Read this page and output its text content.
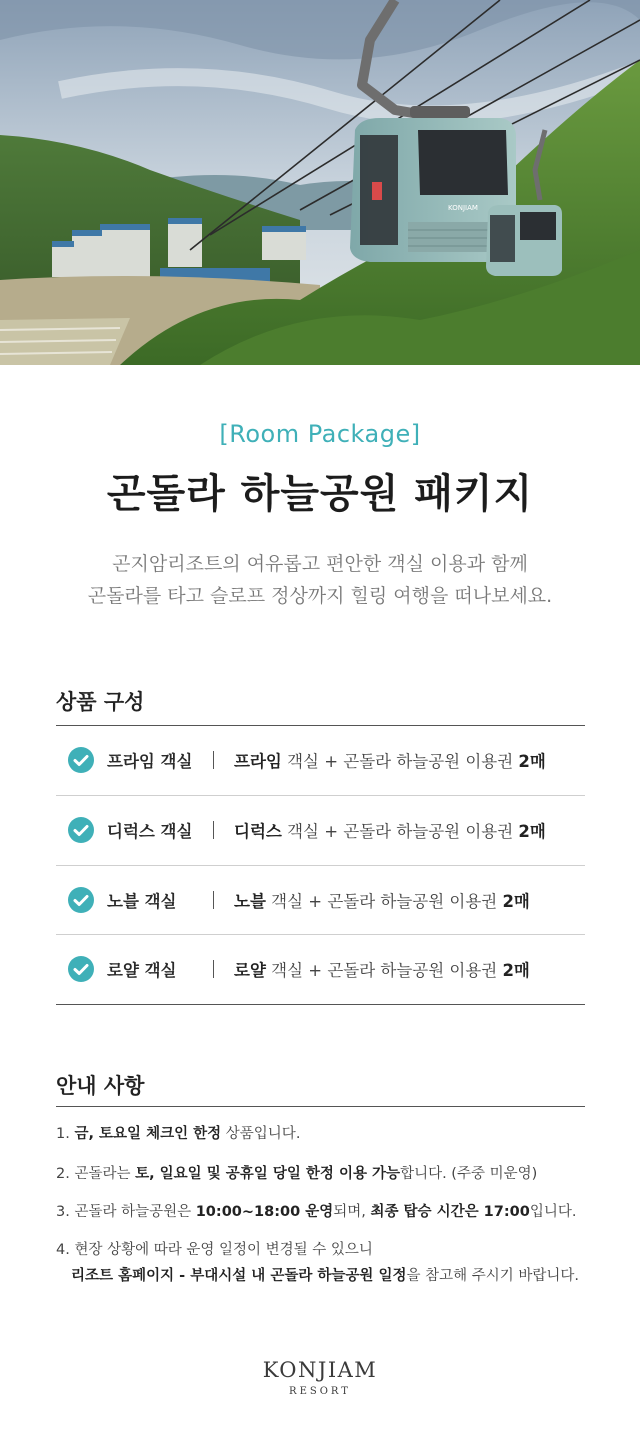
KONJIAM
[Room Package]
곤돌라 하늘공원 패키지
곤지암리조트의 여유롭고 편안한 객실 이용과 함께
곤돌라를 타고 슬로프 정상까지 힐링 여행을 떠나보세요.
상품 구성
프라임 객실	프라임 객실 + 곤돌라 하늘공원 이용권 2매
디럭스 객실	디럭스 객실 + 곤돌라 하늘공원 이용권 2매
노블 객실	노블 객실 + 곤돌라 하늘공원 이용권 2매
로얄 객실	로얄 객실 + 곤돌라 하늘공원 이용권 2매
안내 사항
1. 금, 토요일 체크인 한정 상품입니다.
2. 곤돌라는 토, 일요일 및 공휴일 당일 한정 이용 가능합니다. (주중 미운영)
3. 곤돌라 하늘공원은 10:00~18:00 운영되며, 최종 탑승 시간은 17:00입니다.
4. 현장 상황에 따라 운영 일정이 변경될 수 있으니
리조트 홈페이지 - 부대시설 내 곤돌라 하늘공원 일정을 참고해 주시기 바랍니다.
KONJIAM
RESORT
